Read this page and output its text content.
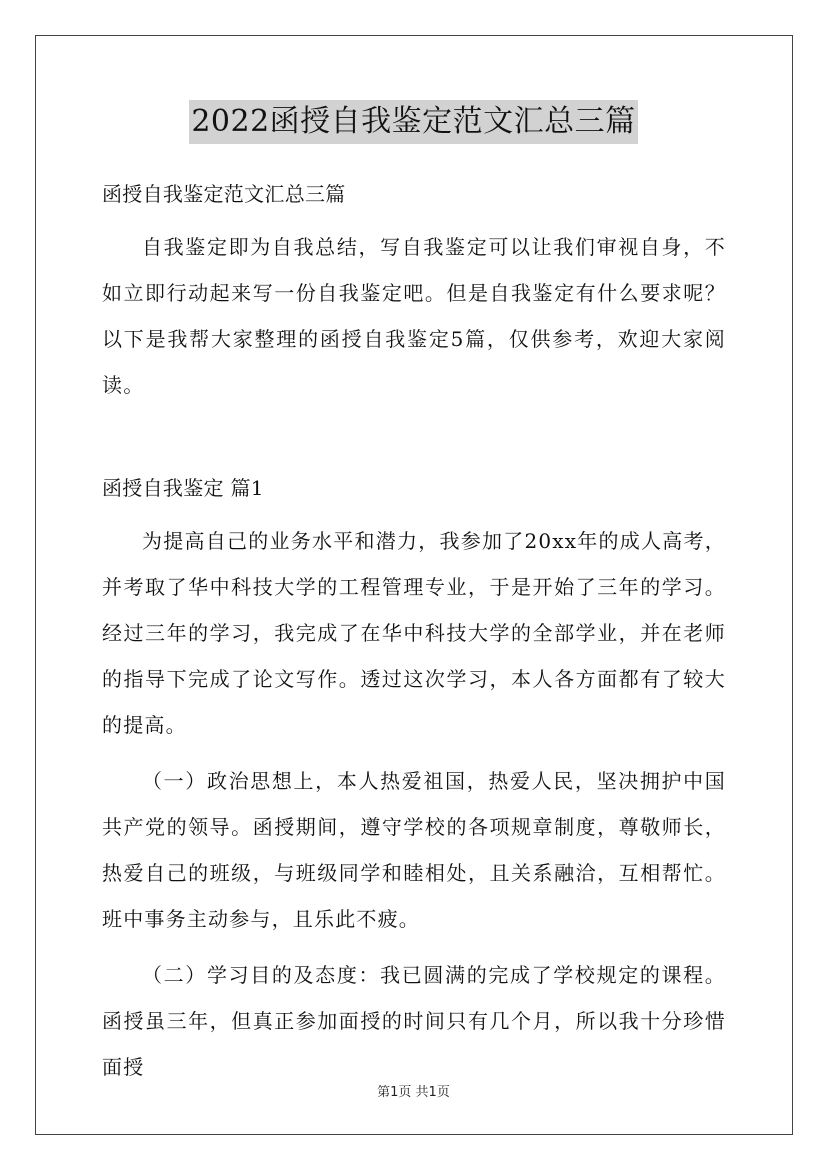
2022函授自我鉴定范文汇总三篇

函授自我鉴定范文汇总三篇

自我鉴定即为自我总结，写自我鉴定可以让我们审视自身，不如立即行动起来写一份自我鉴定吧。但是自我鉴定有什么要求呢？以下是我帮大家整理的函授自我鉴定5篇，仅供参考，欢迎大家阅读。

函授自我鉴定 篇1

为提高自己的业务水平和潜力，我参加了20xx年的成人高考，并考取了华中科技大学的工程管理专业，于是开始了三年的学习。经过三年的学习，我完成了在华中科技大学的全部学业，并在老师的指导下完成了论文写作。透过这次学习，本人各方面都有了较大的提高。

（一）政治思想上，本人热爱祖国，热爱人民，坚决拥护中国共产党的领导。函授期间，遵守学校的各项规章制度，尊敬师长，热爱自己的班级，与班级同学和睦相处，且关系融洽，互相帮忙。班中事务主动参与，且乐此不疲。

（二）学习目的及态度：我已圆满的完成了学校规定的课程。函授虽三年，但真正参加面授的时间只有几个月，所以我十分珍惜面授

第1页 共1页
